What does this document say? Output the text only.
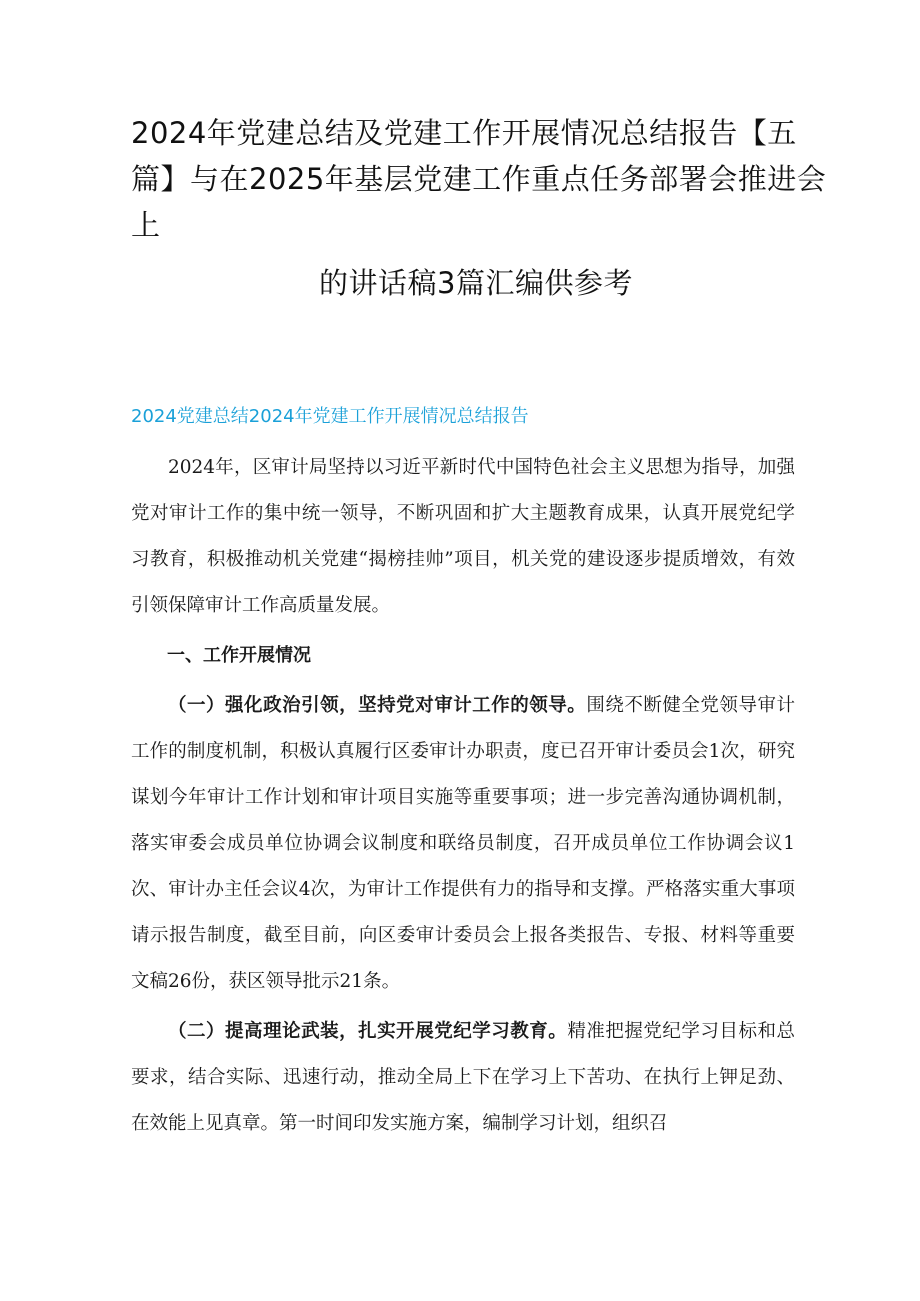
2024年党建总结及党建工作开展情况总结报告【五
篇】与在2025年基层党建工作重点任务部署会推进会
上
的讲话稿3篇汇编供参考
2024党建总结2024年党建工作开展情况总结报告

2024年，区审计局坚持以习近平新时代中国特色社会主义思想为指导，加强党对审计工作的集中统一领导，不断巩固和扩大主题教育成果，认真开展党纪学习教育，积极推动机关党建“揭榜挂帅”项目，机关党的建设逐步提质增效，有效引领保障审计工作高质量发展。

一、工作开展情况

（一）强化政治引领，坚持党对审计工作的领导。围绕不断健全党领导审计工作的制度机制，积极认真履行区委审计办职责，度已召开审计委员会1次，研究谋划今年审计工作计划和审计项目实施等重要事项；进一步完善沟通协调机制，落实审委会成员单位协调会议制度和联络员制度，召开成员单位工作协调会议1次、审计办主任会议4次，为审计工作提供有力的指导和支撑。严格落实重大事项请示报告制度，截至目前，向区委审计委员会上报各类报告、专报、材料等重要文稿26份，获区领导批示21条。

（二）提高理论武装，扎实开展党纪学习教育。精准把握党纪学习目标和总要求，结合实际、迅速行动，推动全局上下在学习上下苦功、在执行上钾足劲、在效能上见真章。第一时间印发实施方案，编制学习计划，组织召
